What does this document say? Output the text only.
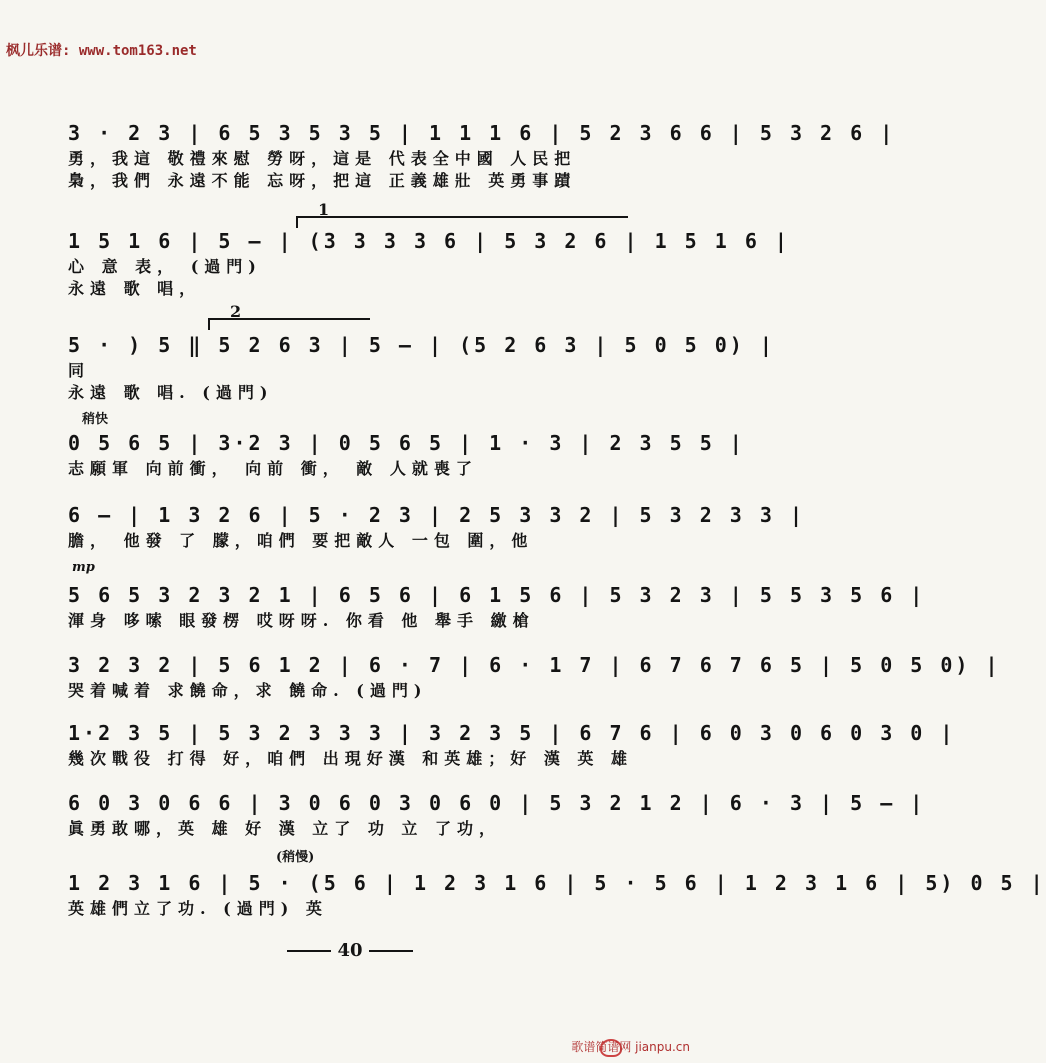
枫儿乐谱: www.tom163.net
3 · 2 3 | 6 5 3 5 3 5 | 1 1 1 6 | 5 2 3 6 6 | 5 3 2 6 |
勇，我這 敬禮來慰 勞呀，這是 代表全中國 人民把
梟，我們 永遠不能 忘呀，把這 正義雄壯 英勇事蹟
1
1 5 1 6 | 5 — | (3 3 3 3 6 | 5 3 2 6 | 1 5 1 6 |
心 意 表， (過門)
永遠 歌 唱，
2
5 · ) 5 ‖ 5 2 6 3 | 5 — | (5 2 6 3 | 5 0 5 0) |
同
永遠 歌 唱. (過門)
稍快
0 5 6 5 | 3·2 3 | 0 5 6 5 | 1 · 3 | 2 3 5 5 |
志願軍 向前衝， 向前 衝， 敵 人就喪了
6 — | 1 3 2 6 | 5 · 2 3 | 2 5 3 3 2 | 5 3 2 3 3 |
膽， 他發 了 朦，咱們 要把敵人 一包 圍，他
mp
5 6 5 3 2 3 2 1 | 6 5 6 | 6 1 5 6 | 5 3 2 3 | 5 5 3 5 6 |
渾身 哆嗦 眼發楞 哎呀呀. 你看 他 舉手 繳槍
3 2 3 2 | 5 6 1 2 | 6 · 7 | 6 · 1 7 | 6 7 6 7 6 5 | 5 0 5 0) |
哭着喊着 求饒命，求 饒命. (過門)
1·2 3 5 | 5 3 2 3 3 3 | 3 2 3 5 | 6 7 6 | 6 0 3 0 6 0 3 0 |
幾次戰役 打得 好，咱們 出現好漢 和英雄；好 漢 英 雄
6 0 3 0 6 6 | 3 0 6 0 3 0 6 0 | 5 3 2 1 2 | 6 · 3 | 5 — |
眞勇敢哪，英 雄 好 漢 立了 功 立 了功，
(稍慢)
1 2 3 1 6 | 5 · (5 6 | 1 2 3 1 6 | 5 · 5 6 | 1 2 3 1 6 | 5) 0 5 |
英雄們立了功. (過門) 英
40
歌谱简谱网 jianpu.cn
